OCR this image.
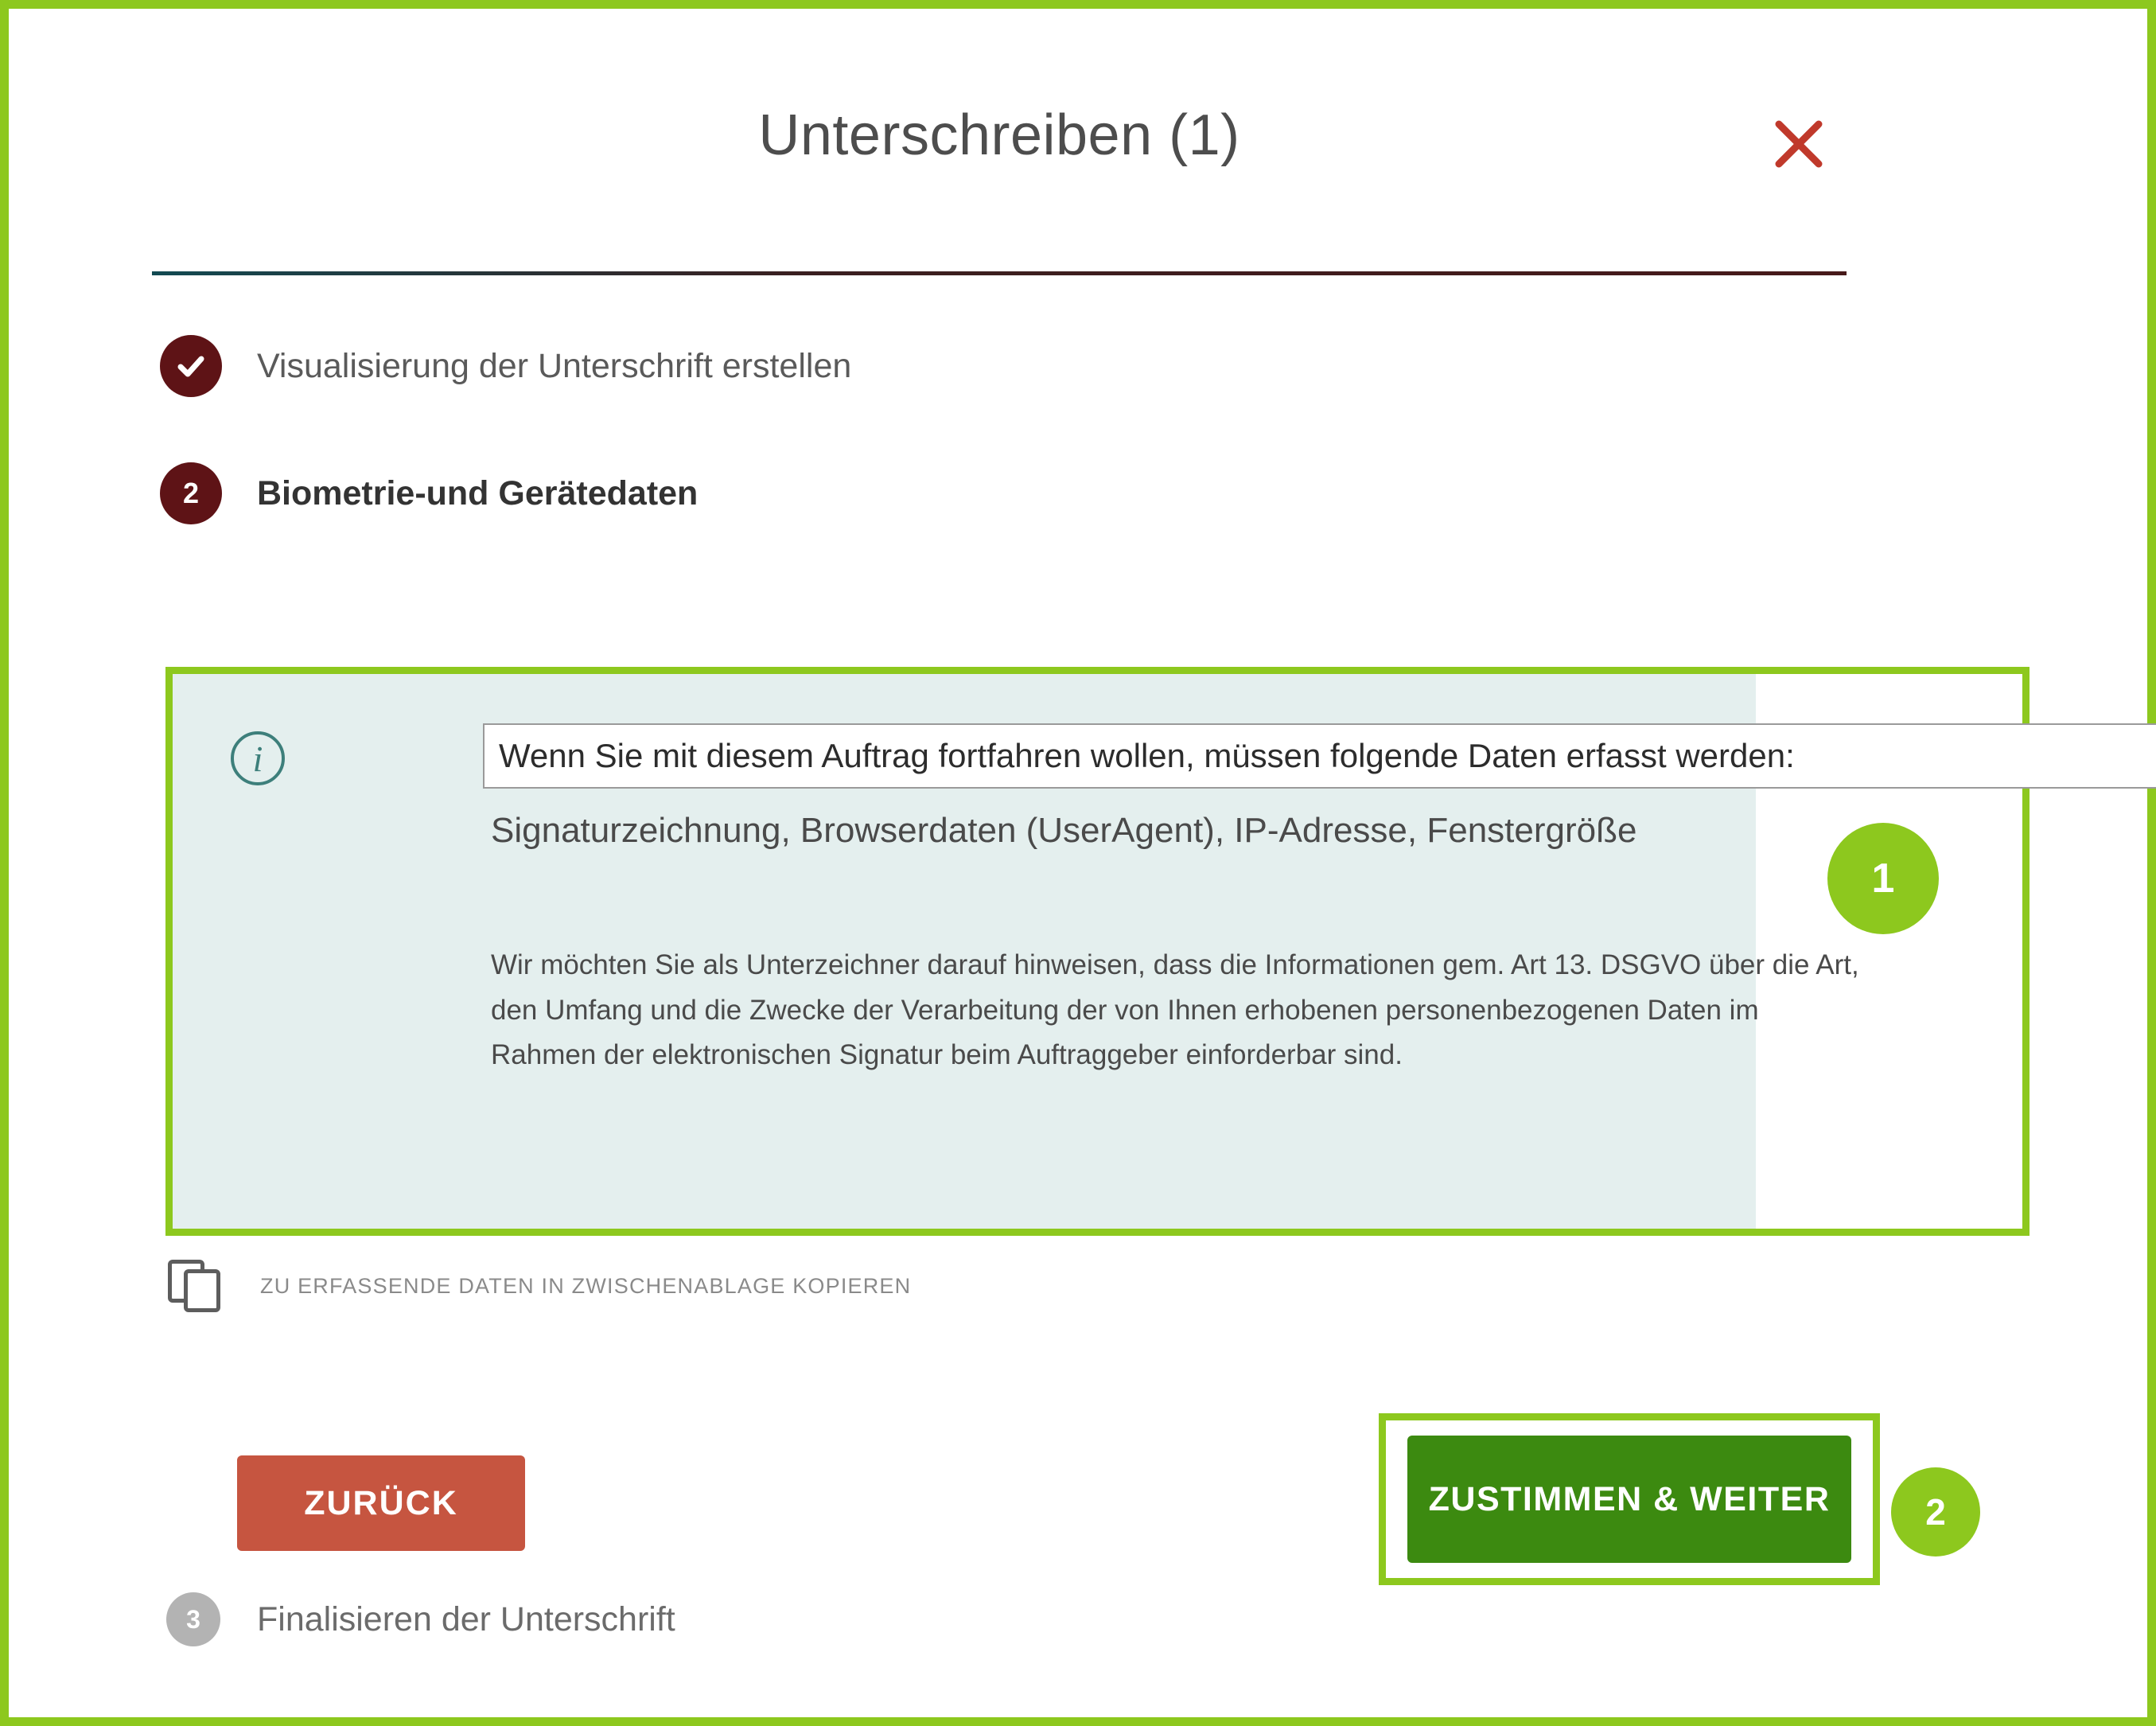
Unterschreiben (1)
Visualisierung der Unterschrift erstellen
2	Biometrie-und Gerätedaten
i	Wenn Sie mit diesem Auftrag fortfahren wollen, müssen folgende Daten erfasst werden:
Signaturzeichnung, Browserdaten (UserAgent), IP-Adresse, Fenstergröße
Wir möchten Sie als Unterzeichner darauf hinweisen, dass die Informationen gem. Art 13. DSGVO über die Art, den Umfang und die Zwecke der Verarbeitung der von Ihnen erhobenen personenbezogenen Daten im Rahmen der elektronischen Signatur beim Auftraggeber einforderbar sind.
1
ZU ERFASSENDE DATEN IN ZWISCHENABLAGE KOPIEREN
ZURÜCK	ZUSTIMMEN & WEITER	2
3	Finalisieren der Unterschrift
